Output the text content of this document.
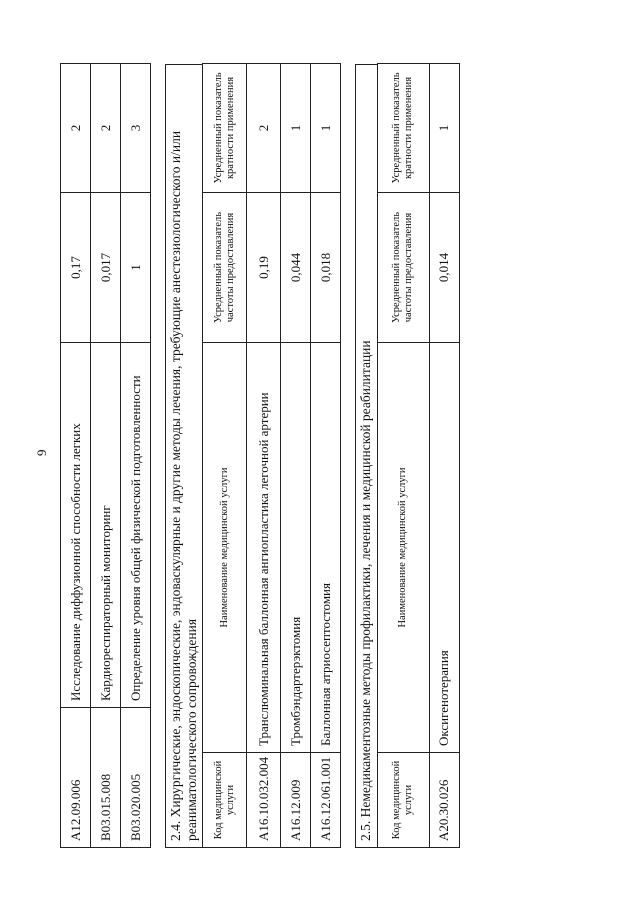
9
A12.09.006	Исследование диффузионной способности легких	0,17	2
B03.015.008	Кардиореспираторный мониторинг	0,017	2
B03.020.005	Определение уровня общей физической подготовленности	1	3
2.4. Хирургические, эндоскопические, эндоваскулярные и другие методы лечения, требующие анестезиологического и/или реаниматологического сопровождения	Код медицинской услуги	Наименование медицинской услуги	Усредненный показатель частоты предоставления	Усредненный показатель кратности применения
A16.10.032.004	Транслюминальная баллонная ангиопластика легочной артерии	0,19	2
A16.12.009	Тромбэндартерэктомия	0,044	1
A16.12.061.001	Баллонная атриосептостомия	0,018	1
2.5. Немедикаментозные методы профилактики, лечения и медицинской реабилитации	Код медицинской услуги	Наименование медицинской услуги	Усредненный показатель частоты предоставления	Усредненный показатель кратности применения
A20.30.026	Оксигенотерапия	0,014	1
